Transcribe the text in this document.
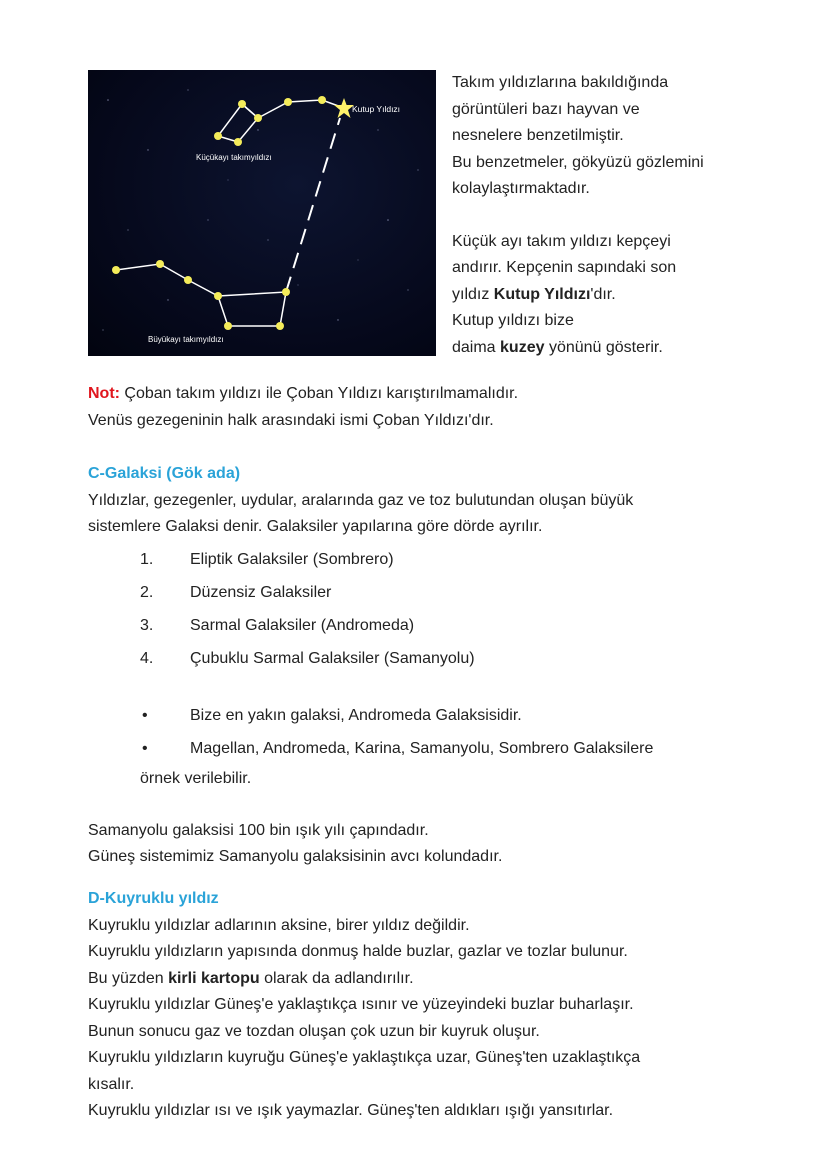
Kutup Yıldızı
Küçükayı takımyıldızı
Büyükayı takımyıldızı

Takım yıldızlarına bakıldığında

görüntüleri bazı hayvan ve

nesnelere benzetilmiştir.

Bu benzetmeler, gökyüzü gözlemini

kolaylaştırmaktadır.

Küçük ayı takım yıldızı kepçeyi

andırır. Kepçenin sapındaki son

yıldız Kutup Yıldızı'dır.

Kutup yıldızı bize

daima kuzey yönünü gösterir.

Not: Çoban takım yıldızı ile Çoban Yıldızı karıştırılmamalıdır.

Venüs gezegeninin halk arasındaki ismi Çoban Yıldızı'dır.

C-Galaksi (Gök ada)

Yıldızlar, gezegenler, uydular, aralarında gaz ve toz bulutundan oluşan büyük

sistemlere Galaksi denir. Galaksiler yapılarına göre dörde ayrılır.

1. Eliptik Galaksiler (Sombrero)
2. Düzensiz Galaksiler
3. Sarmal Galaksiler (Andromeda)
4. Çubuklu Sarmal Galaksiler (Samanyolu)
•	Bize en yakın galaksi, Andromeda Galaksisidir.
•	Magellan, Andromeda, Karina, Samanyolu, Sombrero Galaksilere
örnek verilebilir.

Samanyolu galaksisi 100 bin ışık yılı çapındadır.

Güneş sistemimiz Samanyolu galaksisinin avcı kolundadır.

D-Kuyruklu yıldız

Kuyruklu yıldızlar adlarının aksine, birer yıldız değildir.

Kuyruklu yıldızların yapısında donmuş halde buzlar, gazlar ve tozlar bulunur.

Bu yüzden kirli kartopu olarak da adlandırılır.

Kuyruklu yıldızlar Güneş'e yaklaştıkça ısınır ve yüzeyindeki buzlar buharlaşır.

Bunun sonucu gaz ve tozdan oluşan çok uzun bir kuyruk oluşur.

Kuyruklu yıldızların kuyruğu Güneş'e yaklaştıkça uzar, Güneş'ten uzaklaştıkça

kısalır.

Kuyruklu yıldızlar ısı ve ışık yaymazlar. Güneş'ten aldıkları ışığı yansıtırlar.
